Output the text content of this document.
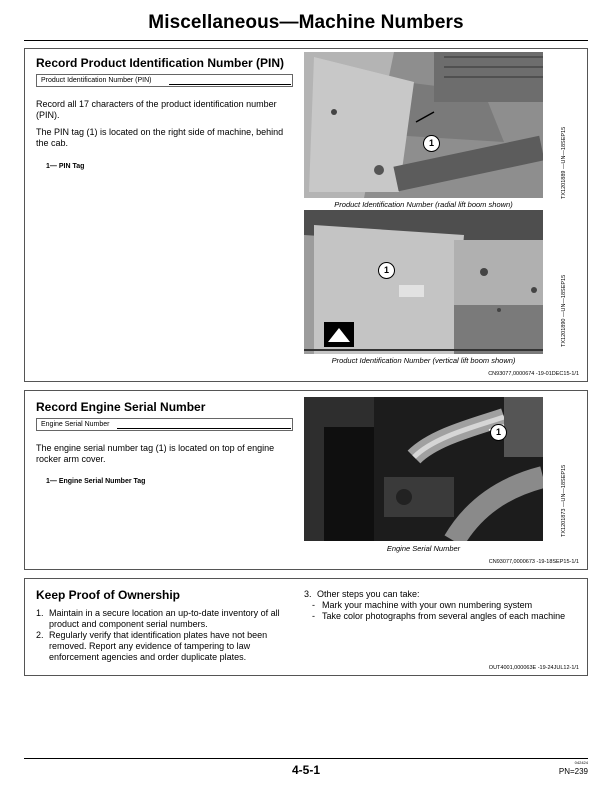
Miscellaneous—Machine Numbers
Record Product Identification Number (PIN)
Product Identification Number (PIN)
Record all 17 characters of the product identification number (PIN).
The PIN tag (1) is located on the right side of machine, behind the cab.
1— PIN Tag
1
Product Identification Number (radial lift boom shown)
TX1201889 —UN—18SEP15
1
Product Identification Number (vertical lift boom shown)
TX1201890 —UN—18SEP15
CN93077,0000674 -19-01DEC15-1/1
Record Engine Serial Number
Engine Serial Number
The engine serial number tag (1) is located on top of engine rocker arm cover.
1— Engine Serial Number Tag
1
Engine Serial Number
TX1201873 —UN—18SEP15
CN93077,0000673 -19-18SEP15-1/1
Keep Proof of Ownership
1. Maintain in a secure location an up-to-date inventory of all product and component serial numbers.
2. Regularly verify that identification plates have not been removed. Report any evidence of tampering to law enforcement agencies and order duplicate plates.
3. Other steps you can take:
- Mark your machine with your own numbering system
- Take color photographs from several angles of each machine
OUT4001,000063E -19-24JUL12-1/1
4-5-1
042424
PN=239
